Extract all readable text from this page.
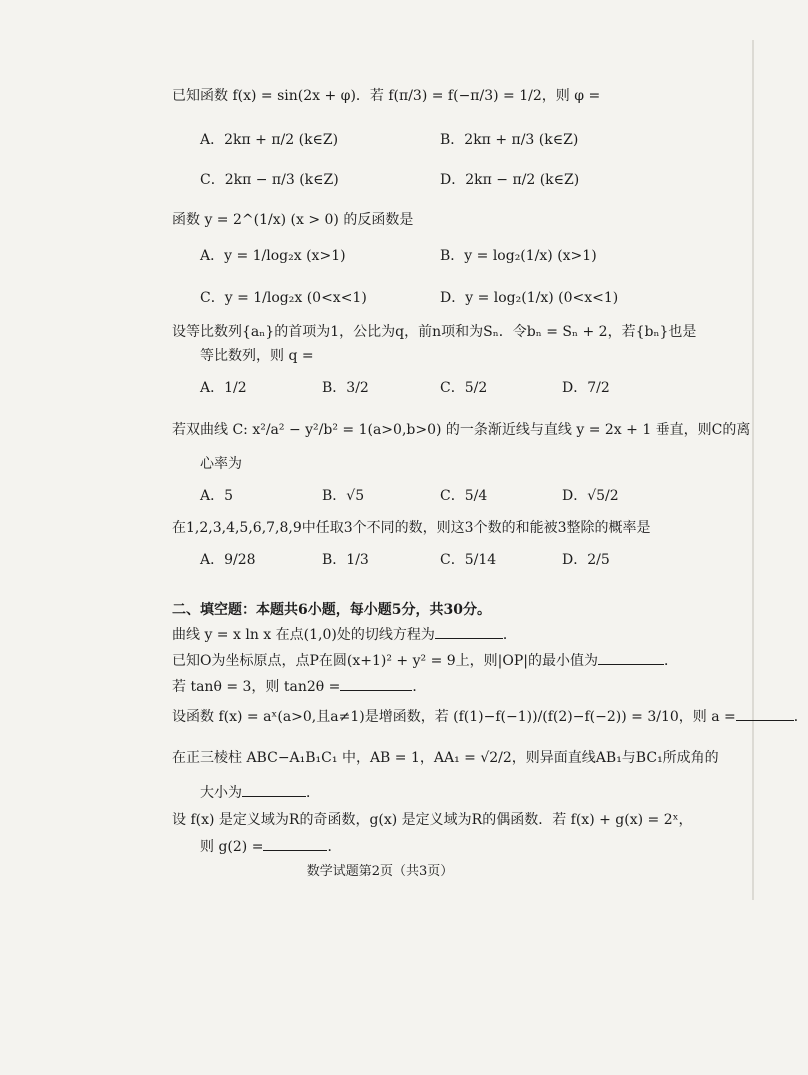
已知函数 f(x) = sin(2x + φ)．若 f(π/3) = f(−π/3) = 1/2，则 φ =
A．2kπ + π/2 (k∈Z)	B．2kπ + π/3 (k∈Z)
C．2kπ − π/3 (k∈Z)	D．2kπ − π/2 (k∈Z)
函数 y = 2^(1/x) (x > 0) 的反函数是
A．y = 1/log₂x (x>1)	B．y = log₂(1/x) (x>1)
C．y = 1/log₂x (0<x<1)	D．y = log₂(1/x) (0<x<1)
设等比数列{aₙ}的首项为1，公比为q，前n项和为Sₙ．令bₙ = Sₙ + 2，若{bₙ}也是
等比数列，则 q =
A．1/2	B．3/2	C．5/2	D．7/2
若双曲线 C: x²/a² − y²/b² = 1(a>0,b>0) 的一条渐近线与直线 y = 2x + 1 垂直，则C的离
心率为
A．5	B．√5	C．5/4	D．√5/2
在1,2,3,4,5,6,7,8,9中任取3个不同的数，则这3个数的和能被3整除的概率是
A．9/28	B．1/3	C．5/14	D．2/5
二、填空题：本题共6小题，每小题5分，共30分。
曲线 y = x ln x 在点(1,0)处的切线方程为	．
已知O为坐标原点，点P在圆(x+1)² + y² = 9上，则|OP|的最小值为	．
若 tanθ = 3，则 tan2θ =	．
设函数 f(x) = aˣ(a>0,且a≠1)是增函数，若 (f(1)−f(−1))/(f(2)−f(−2)) = 3/10，则 a =	．
在正三棱柱 ABC−A₁B₁C₁ 中，AB = 1，AA₁ = √2/2，则异面直线AB₁与BC₁所成角的
大小为	．
设 f(x) 是定义域为R的奇函数，g(x) 是定义域为R的偶函数．若 f(x) + g(x) = 2ˣ，
则 g(2) =	．
数学试题第2页（共3页）
